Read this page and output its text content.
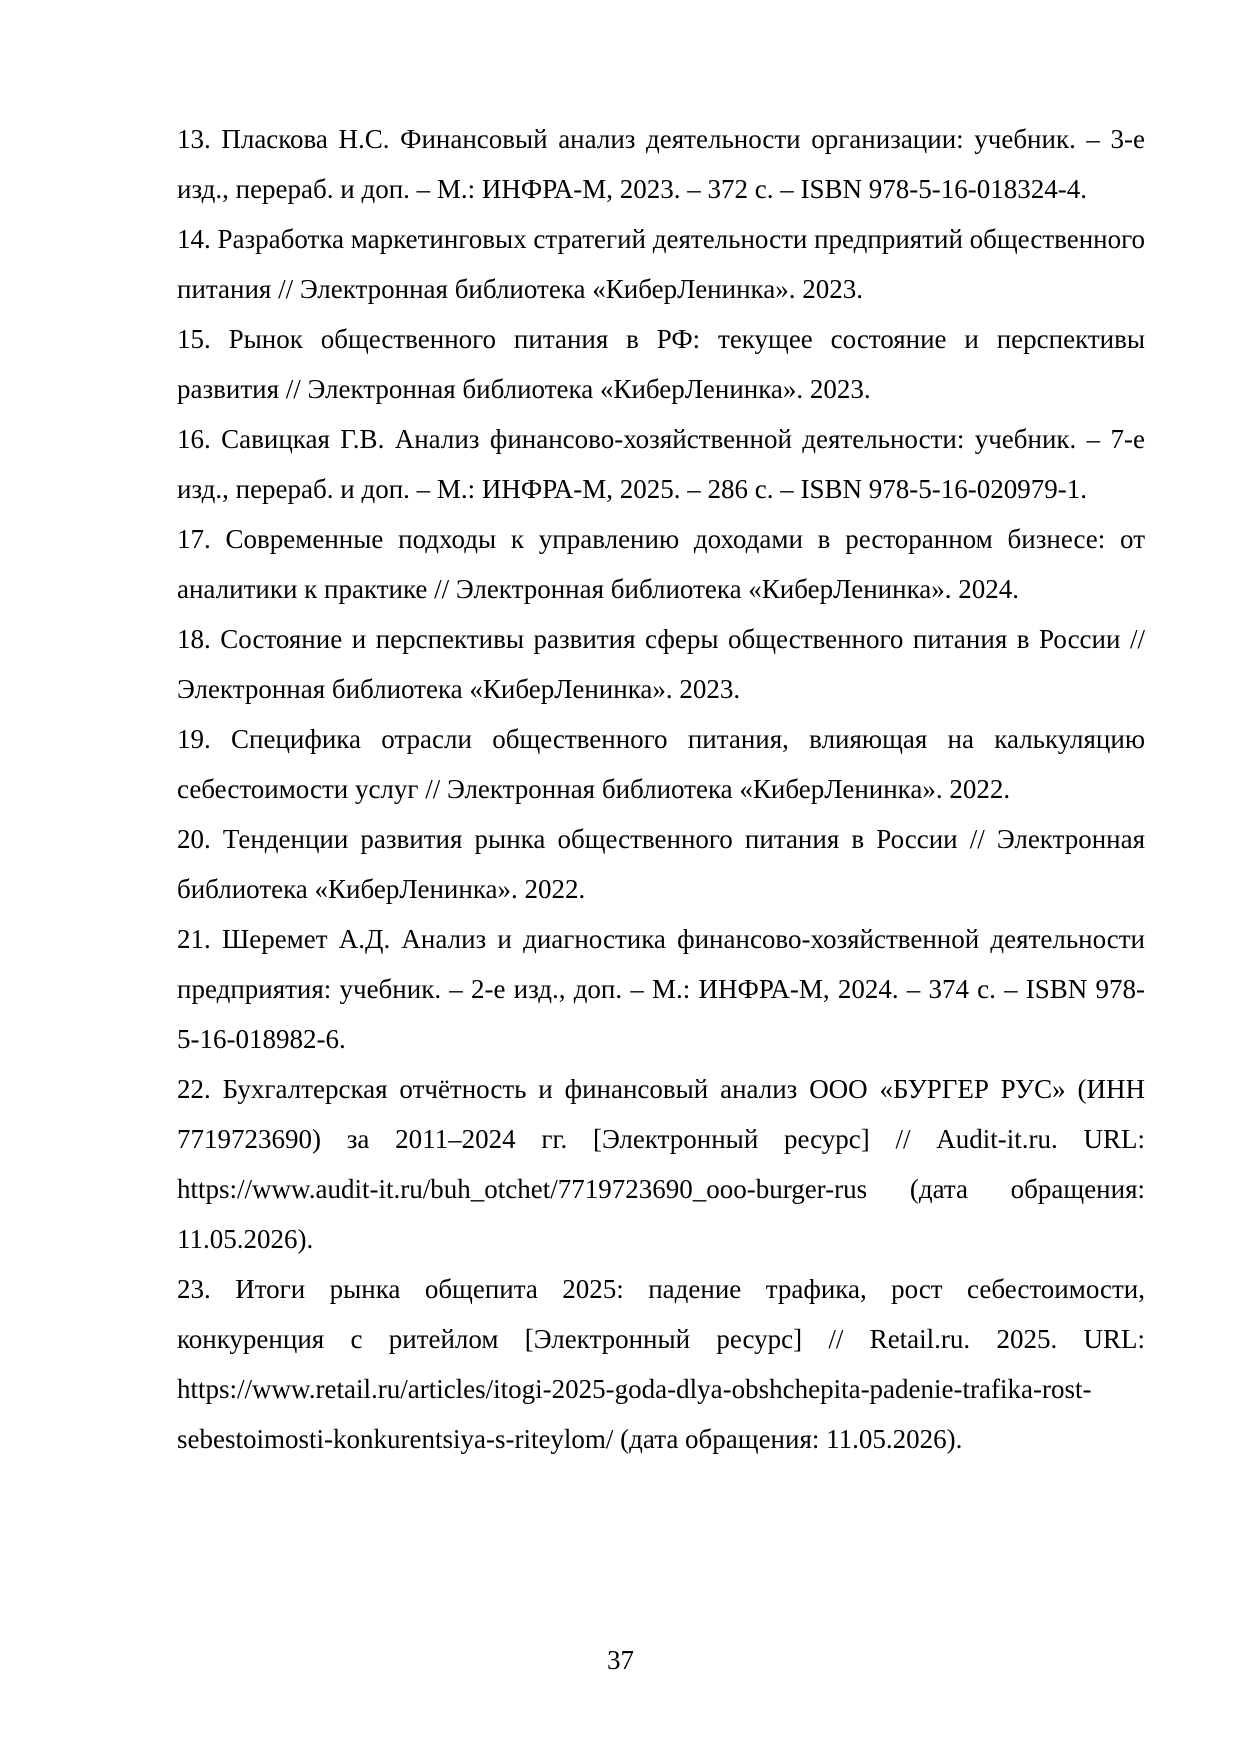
13. Пласкова Н.С. Финансовый анализ деятельности организации: учебник. – 3-е изд., перераб. и доп. – М.: ИНФРА-М, 2023. – 372 с. – ISBN 978-5-16-018324-4.

14. Разработка маркетинговых стратегий деятельности предприятий общественного питания // Электронная библиотека «КиберЛенинка». 2023.

15. Рынок общественного питания в РФ: текущее состояние и перспективы развития // Электронная библиотека «КиберЛенинка». 2023.

16. Савицкая Г.В. Анализ финансово-хозяйственной деятельности: учебник. – 7-е изд., перераб. и доп. – М.: ИНФРА-М, 2025. – 286 с. – ISBN 978-5-16-020979-1.

17. Современные подходы к управлению доходами в ресторанном бизнесе: от аналитики к практике // Электронная библиотека «КиберЛенинка». 2024.

18. Состояние и перспективы развития сферы общественного питания в России // Электронная библиотека «КиберЛенинка». 2023.

19. Специфика отрасли общественного питания, влияющая на калькуляцию себестоимости услуг // Электронная библиотека «КиберЛенинка». 2022.

20. Тенденции развития рынка общественного питания в России // Электронная библиотека «КиберЛенинка». 2022.

21. Шеремет А.Д. Анализ и диагностика финансово-хозяйственной деятельности предприятия: учебник. – 2-е изд., доп. – М.: ИНФРА-М, 2024. – 374 с. – ISBN 978-5-16-018982-6.

22. Бухгалтерская отчётность и финансовый анализ ООО «БУРГЕР РУС» (ИНН 7719723690) за 2011–2024 гг. [Электронный ресурс] // Audit-it.ru. URL: https://www.audit-it.ru/buh_otchet/7719723690_ooo-burger-rus (дата обращения: 11.05.2026).

23. Итоги рынка общепита 2025: падение трафика, рост себестоимости, конкуренция с ритейлом [Электронный ресурс] // Retail.ru. 2025. URL: https://www.retail.ru/articles/itogi-2025-goda-dlya-obshchepita-padenie-trafika-rost-sebestoimosti-konkurentsiya-s-riteylom/ (дата обращения: 11.05.2026).

37
